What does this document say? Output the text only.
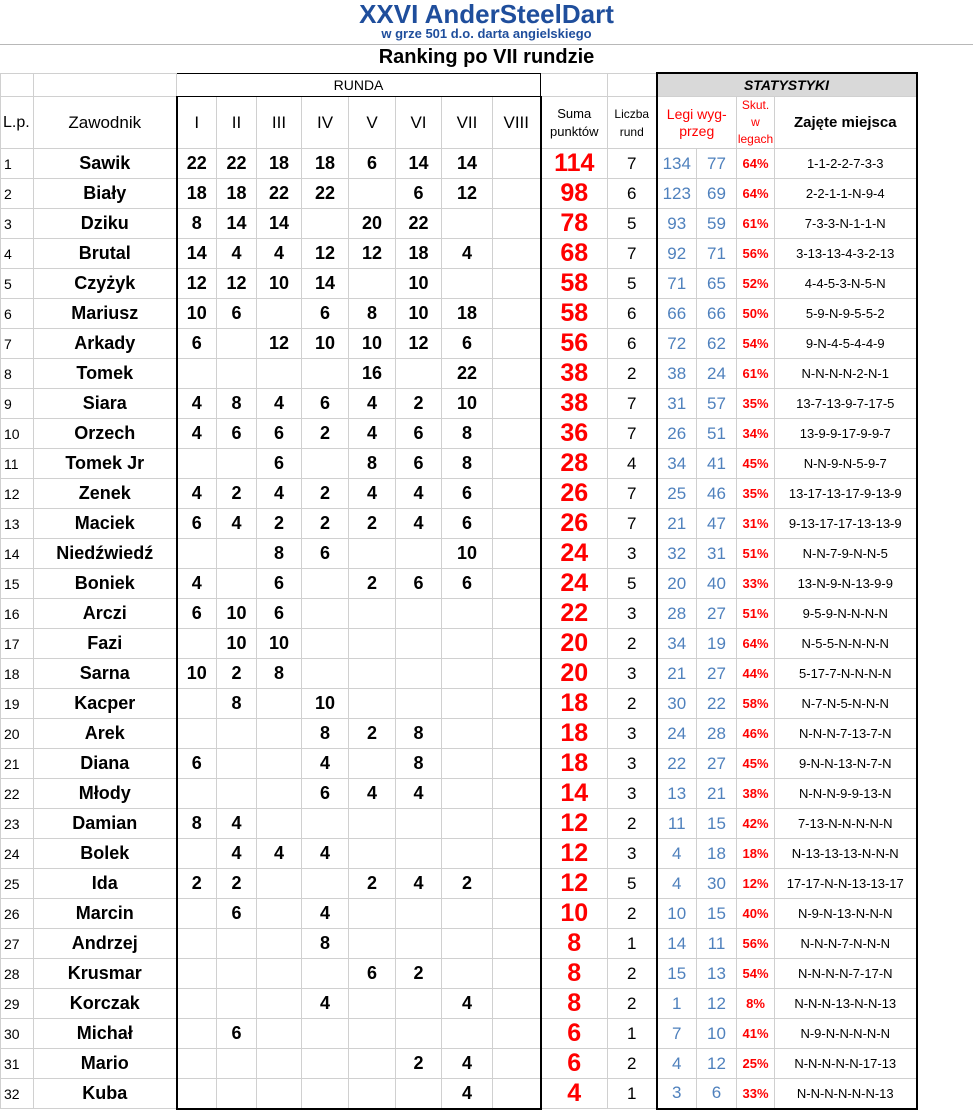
XXVI AnderSteelDart
w grze 501 d.o. darta angielskiego
Ranking po VII rundzie
		RUNDA										STATYSTYKI			
L.p.	Zawodnik	I	II	III	IV	V	VI	VII	VIII	Suma punktów	Liczba rund	Legi wyg-przeg		Skut. w legach	Zajęte miejsca
1	Sawik	22	22	18	18	6	14	14		114	7	134	77	64%	1-1-2-2-7-3-3
2	Biały	18	18	22	22		6	12		98	6	123	69	64%	2-2-1-1-N-9-4
3	Dziku	8	14	14		20	22			78	5	93	59	61%	7-3-3-N-1-1-N
4	Brutal	14	4	4	12	12	18	4		68	7	92	71	56%	3-13-13-4-3-2-13
5	Czyżyk	12	12	10	14		10			58	5	71	65	52%	4-4-5-3-N-5-N
6	Mariusz	10	6		6	8	10	18		58	6	66	66	50%	5-9-N-9-5-5-2
7	Arkady	6		12	10	10	12	6		56	6	72	62	54%	9-N-4-5-4-4-9
8	Tomek					16		22		38	2	38	24	61%	N-N-N-N-2-N-1
9	Siara	4	8	4	6	4	2	10		38	7	31	57	35%	13-7-13-9-7-17-5
10	Orzech	4	6	6	2	4	6	8		36	7	26	51	34%	13-9-9-17-9-9-7
11	Tomek Jr			6		8	6	8		28	4	34	41	45%	N-N-9-N-5-9-7
12	Zenek	4	2	4	2	4	4	6		26	7	25	46	35%	13-17-13-17-9-13-9
13	Maciek	6	4	2	2	2	4	6		26	7	21	47	31%	9-13-17-17-13-13-9
14	Niedźwiedź			8	6			10		24	3	32	31	51%	N-N-7-9-N-N-5
15	Boniek	4		6		2	6	6		24	5	20	40	33%	13-N-9-N-13-9-9
16	Arczi	6	10	6						22	3	28	27	51%	9-5-9-N-N-N-N
17	Fazi		10	10						20	2	34	19	64%	N-5-5-N-N-N-N
18	Sarna	10	2	8						20	3	21	27	44%	5-17-7-N-N-N-N
19	Kacper		8		10					18	2	30	22	58%	N-7-N-5-N-N-N
20	Arek				8	2	8			18	3	24	28	46%	N-N-N-7-13-7-N
21	Diana	6			4		8			18	3	22	27	45%	9-N-N-13-N-7-N
22	Młody				6	4	4			14	3	13	21	38%	N-N-N-9-9-13-N
23	Damian	8	4							12	2	11	15	42%	7-13-N-N-N-N-N
24	Bolek		4	4	4					12	3	4	18	18%	N-13-13-13-N-N-N
25	Ida	2	2			2	4	2		12	5	4	30	12%	17-17-N-N-13-13-17
26	Marcin		6		4					10	2	10	15	40%	N-9-N-13-N-N-N
27	Andrzej				8					8	1	14	11	56%	N-N-N-7-N-N-N
28	Krusmar					6	2			8	2	15	13	54%	N-N-N-N-7-17-N
29	Korczak				4			4		8	2	1	12	8%	N-N-N-13-N-N-13
30	Michał		6							6	1	7	10	41%	N-9-N-N-N-N-N
31	Mario						2	4		6	2	4	12	25%	N-N-N-N-N-17-13
32	Kuba							4		4	1	3	6	33%	N-N-N-N-N-N-13
